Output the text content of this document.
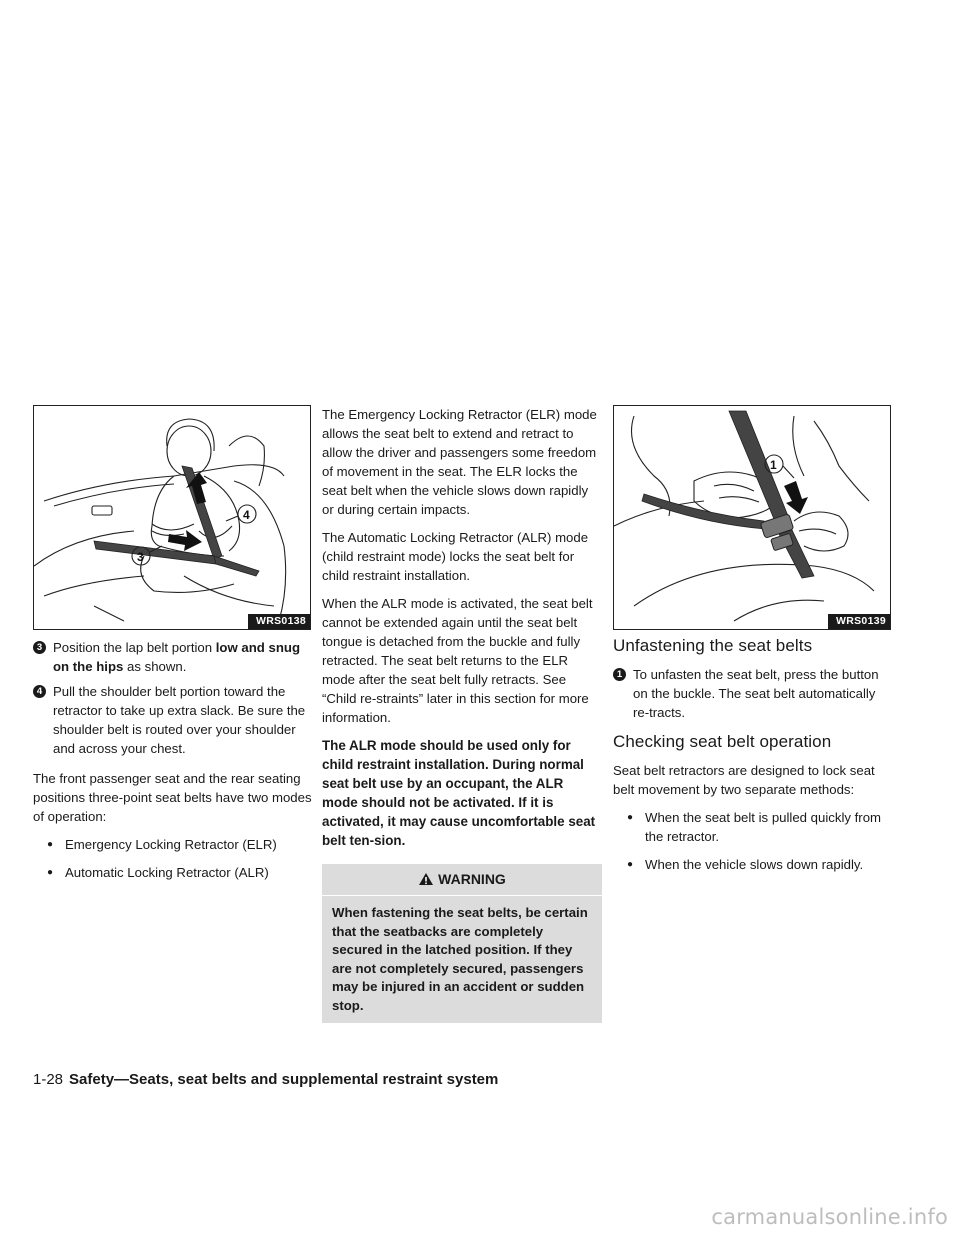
4
3
WRS0138
3 Position the lap belt portion low and snug on the hips as shown.
4 Pull the shoulder belt portion toward the retractor to take up extra slack. Be sure the shoulder belt is routed over your shoulder and across your chest.

The front passenger seat and the rear seating positions three-point seat belts have two modes of operation:

● Emergency Locking Retractor (ELR)
● Automatic Locking Retractor (ALR)

The Emergency Locking Retractor (ELR) mode allows the seat belt to extend and retract to allow the driver and passengers some freedom of movement in the seat. The ELR locks the seat belt when the vehicle slows down rapidly or during certain impacts.

The Automatic Locking Retractor (ALR) mode (child restraint mode) locks the seat belt for child restraint installation.

When the ALR mode is activated, the seat belt cannot be extended again until the seat belt tongue is detached from the buckle and fully retracted. The seat belt returns to the ELR mode after the seat belt fully retracts. See “Child re-straints” later in this section for more information.

The ALR mode should be used only for child restraint installation. During normal seat belt use by an occupant, the ALR mode should not be activated. If it is activated, it may cause uncomfortable seat belt ten-sion.

WARNING
When fastening the seat belts, be certain that the seatbacks are completely secured in the latched position. If they are not completely secured, passengers may be injured in an accident or sudden stop.
1
WRS0139
Unfastening the seat belts
1 To unfasten the seat belt, press the button on the buckle. The seat belt automatically re-tracts.
Checking seat belt operation

Seat belt retractors are designed to lock seat belt movement by two separate methods:

● When the seat belt is pulled quickly from the retractor.
● When the vehicle slows down rapidly.
1-28 Safety—Seats, seat belts and supplemental restraint system
carmanualsonline.info
